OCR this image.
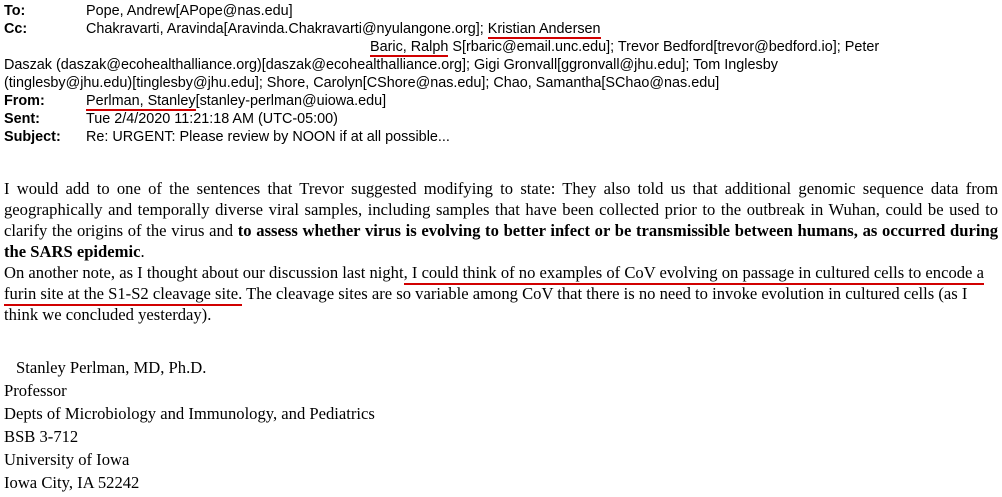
To:	Pope, Andrew[APope@nas.edu]
Cc:	Chakravarti, Aravinda[Aravinda.Chakravarti@nyulangone.org]; Kristian Andersen
Baric, Ralph S[rbaric@email.unc.edu]; Trevor Bedford[trevor@bedford.io]; Peter
Daszak (daszak@ecohealthalliance.org)[daszak@ecohealthalliance.org]; Gigi Gronvall[ggronvall@jhu.edu]; Tom Inglesby
(tinglesby@jhu.edu)[tinglesby@jhu.edu]; Shore, Carolyn[CShore@nas.edu]; Chao, Samantha[SChao@nas.edu]
From:	Perlman, Stanley[stanley-perlman@uiowa.edu]
Sent:	Tue 2/4/2020 11:21:18 AM (UTC-05:00)
Subject: Re: URGENT: Please review by NOON if at all possible...

I would add to one of the sentences that Trevor suggested modifying to state: They also told us that additional genomic sequence data from geographically and temporally diverse viral samples, including samples that have been collected prior to the outbreak in Wuhan, could be used to clarify the origins of the virus and to assess whether virus is evolving to better infect or be transmissible between humans, as occurred during the SARS epidemic.

On another note, as I thought about our discussion last night, I could think of no examples of CoV evolving on passage in cultured cells to encode a furin site at the S1-S2 cleavage site. The cleavage sites are so variable among CoV that there is no need to invoke evolution in cultured cells (as I think we concluded yesterday).

Stanley Perlman, MD, Ph.D.
Professor
Depts of Microbiology and Immunology, and Pediatrics
BSB 3-712
University of Iowa
Iowa City, IA 52242
